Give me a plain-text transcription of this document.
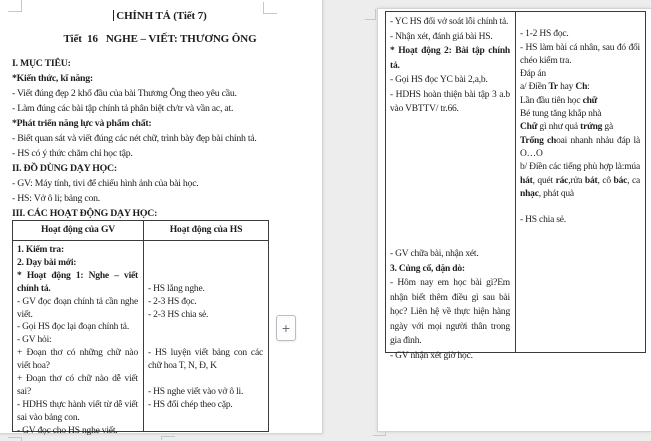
CHÍNH TẢ (Tiết 7)
Tiết  16   NGHE – VIẾT: THƯƠNG ÔNG
I. MỤC TIÊU:
*Kiến thức, kĩ năng:
- Viết đúng đẹp 2 khổ đầu của bài Thương Ông theo yêu cầu.
- Làm đúng các bài tập chính tả phân biệt ch/tr và vần ac, at.
*Phát triển năng lực và phẩm chất:
- Biết quan sát và viết đúng các nét chữ, trình bày đẹp bài chính tả.
- HS có ý thức chăm chỉ học tập.
II. ĐỒ DÙNG DẠY HỌC:
- GV: Máy tính, tivi để chiếu hình ảnh của bài học.
- HS: Vở ô li; bảng con.
III. CÁC HOẠT ĐỘNG DẠY HỌC:
Hoạt động của GV	Hoạt động của HS
1. Kiểm tra:
2. Dạy bài mới:
* Hoạt động 1: Nghe – viết chính tả.
- GV đọc đoạn chính tả cần nghe viết.
- Gọi HS đọc lại đoạn chính tả.
- GV hỏi:
+ Đoạn thơ có những chữ nào viết hoa?
+ Đoạn thơ có chữ nào dễ viết sai?
- HDHS thực hành viết từ dễ viết sai vào bảng con.
- GV đọc cho HS nghe viết.
- HS lắng nghe.
- 2-3 HS đọc.
- 2-3 HS chia sẻ.
- HS luyện viết bảng con các chữ hoa T, N, Đ, K
- HS nghe viết vào vở ô li.
- HS đổi chép theo cặp.
- YC HS đổi vở soát lỗi chính tả.
- Nhận xét, đánh giá bài HS.
* Hoạt động 2: Bài tập chính tả.
- Gọi HS đọc YC bài 2,a,b.
- HDHS hoàn thiện bài tập 3 a.b vào VBTTV/ tr.66.
- GV chữa bài, nhận xét.
3. Củng cố, dặn dò:
- Hôm nay em học bài gì?Em nhận biết thêm điều gì sau bài học? Liên hệ về thực hiện hàng ngày với mọi người thân trong gia đình.
- GV nhận xét giờ học.
- 1-2 HS đọc.
- HS làm bài cá nhân, sau đó đổi chéo kiểm tra.
Đáp án
a/ Điền Tr hay Ch:
Lần đầu tiên học chữ
Bé tung tăng khắp nhà
Chữ gì như quả trứng gà
Trống choai nhanh nhảu đáp là O…O
b/ Điền các tiếng phù hợp là:múa hát, quét rác,rửa bát, cô bác, ca nhạc, phát quà
- HS chia sẻ.
+
